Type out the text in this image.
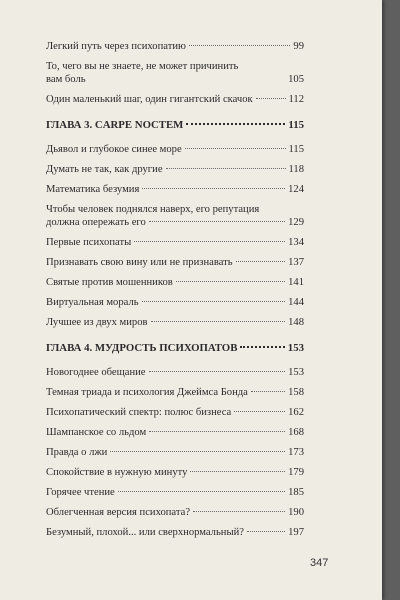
Легкий путь через психопатию	99
То, чего вы не знаете, не может причинить
вам боль	105
Один маленький шаг, один гигантский скачок	112
ГЛАВА 3. CARPE NOCTEM	115
Дьявол и глубокое синее море	115
Думать не так, как другие	118
Математика безумия	124
Чтобы человек поднялся наверх, его репутация
должна опережать его	129
Первые психопаты	134
Признавать свою вину или не признавать	137
Святые против мошенников	141
Виртуальная мораль	144
Лучшее из двух миров	148
ГЛАВА 4. МУДРОСТЬ ПСИХОПАТОВ	153
Новогоднее обещание	153
Темная триада и психология Джеймса Бонда	158
Психопатический спектр: полюс бизнеса	162
Шампанское со льдом	168
Правда о лжи	173
Спокойствие в нужную минуту	179
Горячее чтение	185
Облегченная версия психопата?	190
Безумный, плохой... или сверхнормальный?	197
347
